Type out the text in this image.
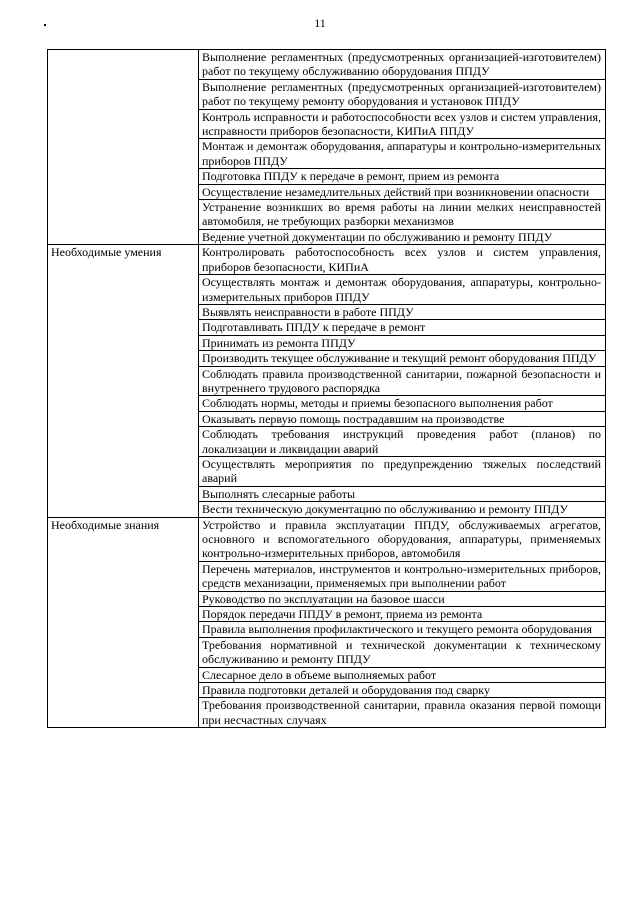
11
	Выполнение регламентных (предусмотренных организацией-изготовителем) работ по текущему обслуживанию оборудования ППДУ
	Выполнение регламентных (предусмотренных организацией-изготовителем) работ по текущему ремонту оборудования и установок ППДУ
	Контроль исправности и работоспособности всех узлов и систем управления, исправности приборов безопасности, КИПиА ППДУ
	Монтаж и демонтаж оборудования, аппаратуры и контрольно-измерительных приборов ППДУ
	Подготовка ППДУ к передаче в ремонт, прием из ремонта
	Осуществление незамедлительных действий при возникновении опасности
	Устранение возникших во время работы на линии мелких неисправностей автомобиля, не требующих разборки механизмов
	Ведение учетной документации по обслуживанию и ремонту ППДУ
Необходимые умения	Контролировать работоспособность всех узлов и систем управления, приборов безопасности, КИПиА
	Осуществлять монтаж и демонтаж оборудования, аппаратуры, контрольно-измерительных приборов ППДУ
	Выявлять неисправности в работе ППДУ
	Подготавливать ППДУ к передаче в ремонт
	Принимать из ремонта ППДУ
	Производить текущее обслуживание и текущий ремонт оборудования ППДУ
	Соблюдать правила производственной санитарии, пожарной безопасности и внутреннего трудового распорядка
	Соблюдать нормы, методы и приемы безопасного выполнения работ
	Оказывать первую помощь пострадавшим на производстве
	Соблюдать требования инструкций проведения работ (планов) по локализации и ликвидации аварий
	Осуществлять мероприятия по предупреждению тяжелых последствий аварий
	Выполнять слесарные работы
	Вести техническую документацию по обслуживанию и ремонту ППДУ
Необходимые знания	Устройство и правила эксплуатации ППДУ, обслуживаемых агрегатов, основного и вспомогательного оборудования, аппаратуры, применяемых контрольно-измерительных приборов, автомобиля
	Перечень материалов, инструментов и контрольно-измерительных приборов, средств механизации, применяемых при выполнении работ
	Руководство по эксплуатации на базовое шасси
	Порядок передачи ППДУ в ремонт, приема из ремонта
	Правила выполнения профилактического и текущего ремонта оборудования
	Требования нормативной и технической документации к техническому обслуживанию и ремонту ППДУ
	Слесарное дело в объеме выполняемых работ
	Правила подготовки деталей и оборудования под сварку
	Требования производственной санитарии, правила оказания первой помощи при несчастных случаях
